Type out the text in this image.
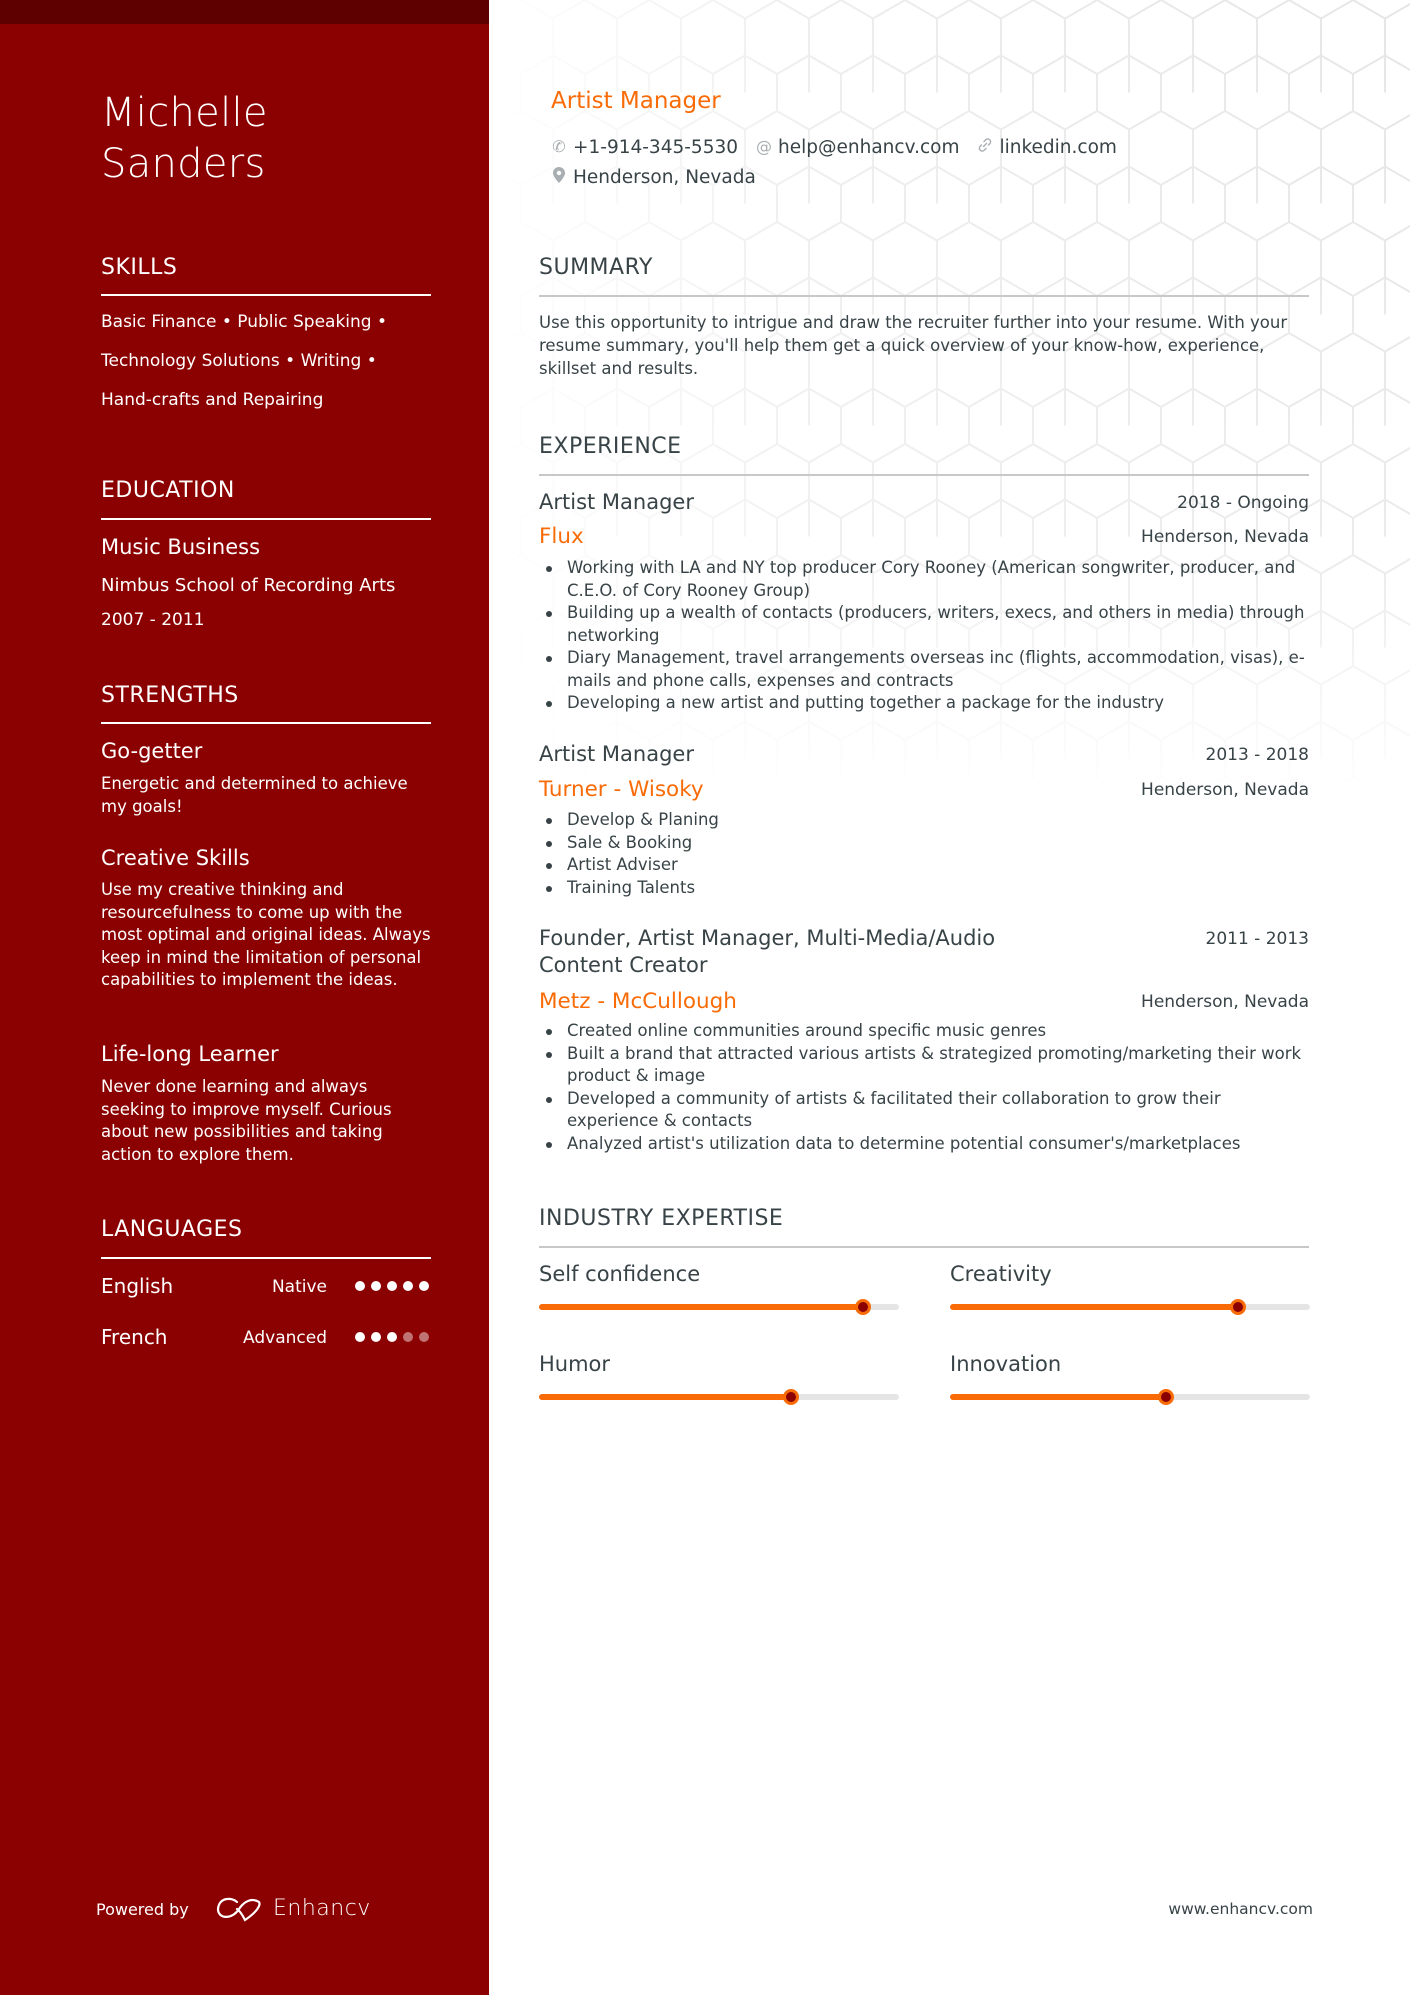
Michelle
Sanders
SKILLS
Basic Finance • Public Speaking •
Technology Solutions • Writing •
Hand-crafts and Repairing
EDUCATION
Music Business
Nimbus School of Recording Arts
2007 - 2011
STRENGTHS
Go-getter
Energetic and determined to achieve my goals!
Creative Skills
Use my creative thinking and resourcefulness to come up with the most optimal and original ideas. Always keep in mind the limitation of personal capabilities to implement the ideas.
Life-long Learner
Never done learning and always seeking to improve myself. Curious about new possibilities and taking action to explore them.
LANGUAGES
English	Native
French	Advanced
Powered by	Enhancv
Artist Manager
✆ +1-914-345-5530 @ help@enhancv.com linkedin.com
Henderson, Nevada
SUMMARY
Use this opportunity to intrigue and draw the recruiter further into your resume. With your resume summary, you'll help them get a quick overview of your know-how, experience, skillset and results.
EXPERIENCE
Artist Manager	2018 - Ongoing
Flux	Henderson, Nevada
Working with LA and NY top producer Cory Rooney (American songwriter, producer, and C.E.O. of Cory Rooney Group)
Building up a wealth of contacts (producers, writers, execs, and others in media) through networking
Diary Management, travel arrangements overseas inc (flights, accommodation, visas), e-mails and phone calls, expenses and contracts
Developing a new artist and putting together a package for the industry
Artist Manager	2013 - 2018
Turner - Wisoky	Henderson, Nevada
Develop & Planing
Sale & Booking
Artist Adviser
Training Talents
Founder, Artist Manager, Multi-Media/Audio Content Creator
2011 - 2013
Metz - McCullough	Henderson, Nevada
Created online communities around specific music genres
Built a brand that attracted various artists & strategized promoting/marketing their work product & image
Developed a community of artists & facilitated their collaboration to grow their experience & contacts
Analyzed artist's utilization data to determine potential consumer's/marketplaces
INDUSTRY EXPERTISE
Self confidence	Creativity
Humor	Innovation
www.enhancv.com
